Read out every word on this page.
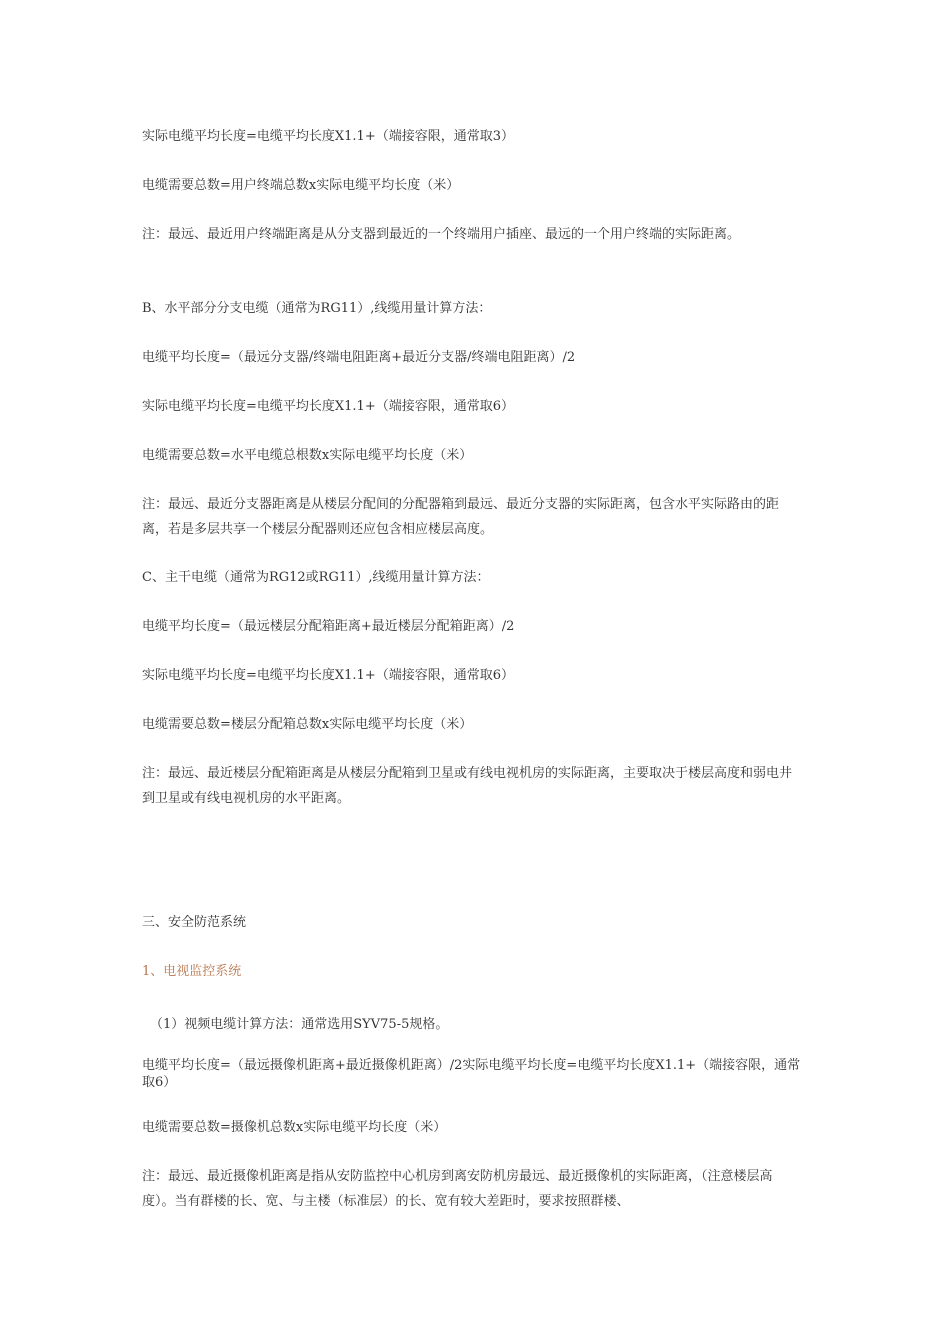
实际电缆平均长度=电缆平均长度X1.1+（端接容限，通常取3）

电缆需要总数=用户终端总数x实际电缆平均长度（米）

注：最远、最近用户终端距离是从分支器到最近的一个终端用户插座、最远的一个用户终端的实际距离。

B、水平部分分支电缆（通常为RG11）,线缆用量计算方法：

电缆平均长度=（最远分支器/终端电阻距离+最近分支器/终端电阻距离）/2

实际电缆平均长度=电缆平均长度X1.1+（端接容限，通常取6）

电缆需要总数=水平电缆总根数x实际电缆平均长度（米）

注：最远、最近分支器距离是从楼层分配间的分配器箱到最远、最近分支器的实际距离，包含水平实际路由的距离，若是多层共享一个楼层分配器则还应包含相应楼层高度。

C、主干电缆（通常为RG12或RG11）,线缆用量计算方法：

电缆平均长度=（最远楼层分配箱距离+最近楼层分配箱距离）/2

实际电缆平均长度=电缆平均长度X1.1+（端接容限，通常取6）

电缆需要总数=楼层分配箱总数x实际电缆平均长度（米）

注：最远、最近楼层分配箱距离是从楼层分配箱到卫星或有线电视机房的实际距离，主要取决于楼层高度和弱电井到卫星或有线电视机房的水平距离。

三、安全防范系统

1、电视监控系统

（1）视频电缆计算方法：通常选用SYV75-5规格。

电缆平均长度=（最远摄像机距离+最近摄像机距离）/2实际电缆平均长度=电缆平均长度X1.1+（端接容限，通常取6）

电缆需要总数=摄像机总数x实际电缆平均长度（米）

注：最远、最近摄像机距离是指从安防监控中心机房到离安防机房最远、最近摄像机的实际距离，（注意楼层高度）。当有群楼的长、宽、与主楼（标准层）的长、宽有较大差距时，要求按照群楼、
